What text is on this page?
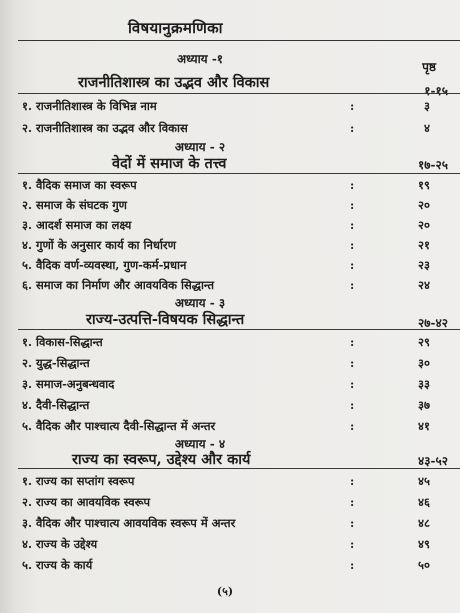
विषयानुक्रमणिका
अध्याय -१
पृष्ठ
राजनीतिशास्त्र का उद्भव और विकास	१-१५
१. राजनीतिशास्त्र के विभिन्न नाम	:	३
२. राजनीतिशास्त्र का उद्भव और विकास	:	४
अध्याय - २
वेदों में समाज के तत्त्व	१७-२५
१. वैदिक समाज का स्वरूप	:	१९
२. समाज के संघटक गुण	:	२०
३. आदर्श समाज का लक्ष्य	:	२०
४. गुणों के अनुसार कार्य का निर्धारण	:	२१
५. वैदिक वर्ण-व्यवस्था, गुण-कर्म-प्रधान	:	२३
६. समाज का निर्माण और आवयविक सिद्धान्त	:	२४
अध्याय - ३
राज्य-उत्पत्ति-विषयक सिद्धान्त	२७-४२
१. विकास-सिद्धान्त	:	२९
२. युद्ध-सिद्धान्त	:	३०
३. समाज-अनुबन्धवाद	:	३३
४. दैवी-सिद्धान्त	:	३७
५. वैदिक और पाश्चात्य दैवी-सिद्धान्त में अन्तर	:	४१
अध्याय - ४
राज्य का स्वरूप, उद्देश्य और कार्य	४३-५२
१. राज्य का सप्तांग स्वरूप	:	४५
२. राज्य का आवयविक स्वरूप	:	४६
३. वैदिक और पाश्चात्य आवयविक स्वरूप में अन्तर	:	४८
४. राज्य के उद्देश्य	:	४९
५. राज्य के कार्य	:	५०
(५)
